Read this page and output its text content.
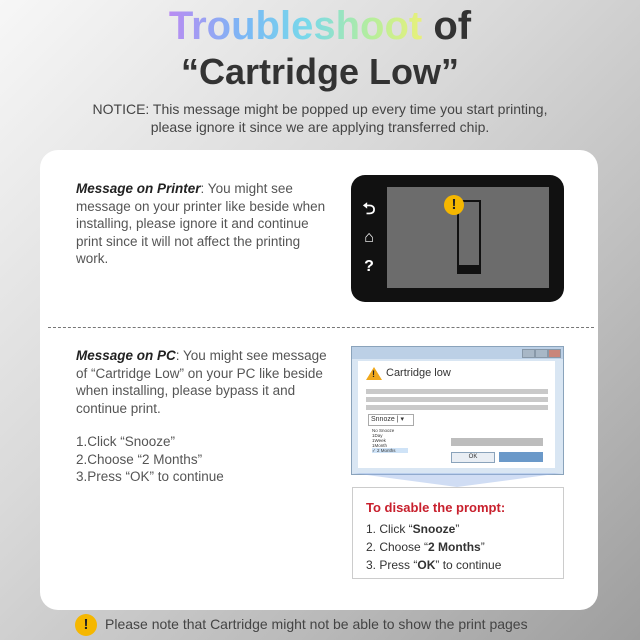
Troubleshoot of
“Cartridge Low”
NOTICE: This message might be popped up every time you start printing, please ignore it since we are applying transferred chip.
Message on Printer: You might see message on your printer like beside when installing, please ignore it and continue print since it will not affect the printing work.
⮌
⌂
?
!
Message on PC: You might see message of “Cartridge Low” on your PC like beside when installing, please bypass it and continue print.
1.Click “Snooze”
2.Choose “2 Months”
3.Press “OK” to continue
! Cartridge low
Snnoze | ▾
No Snooze
1Day
1Week
1Month
✓ 2 Months
OK
To disable the prompt:
1. Click “Snooze”
2. Choose “2 Months”
3. Press “OK” to continue
! Please note that Cartridge might not be able to show the print pages
